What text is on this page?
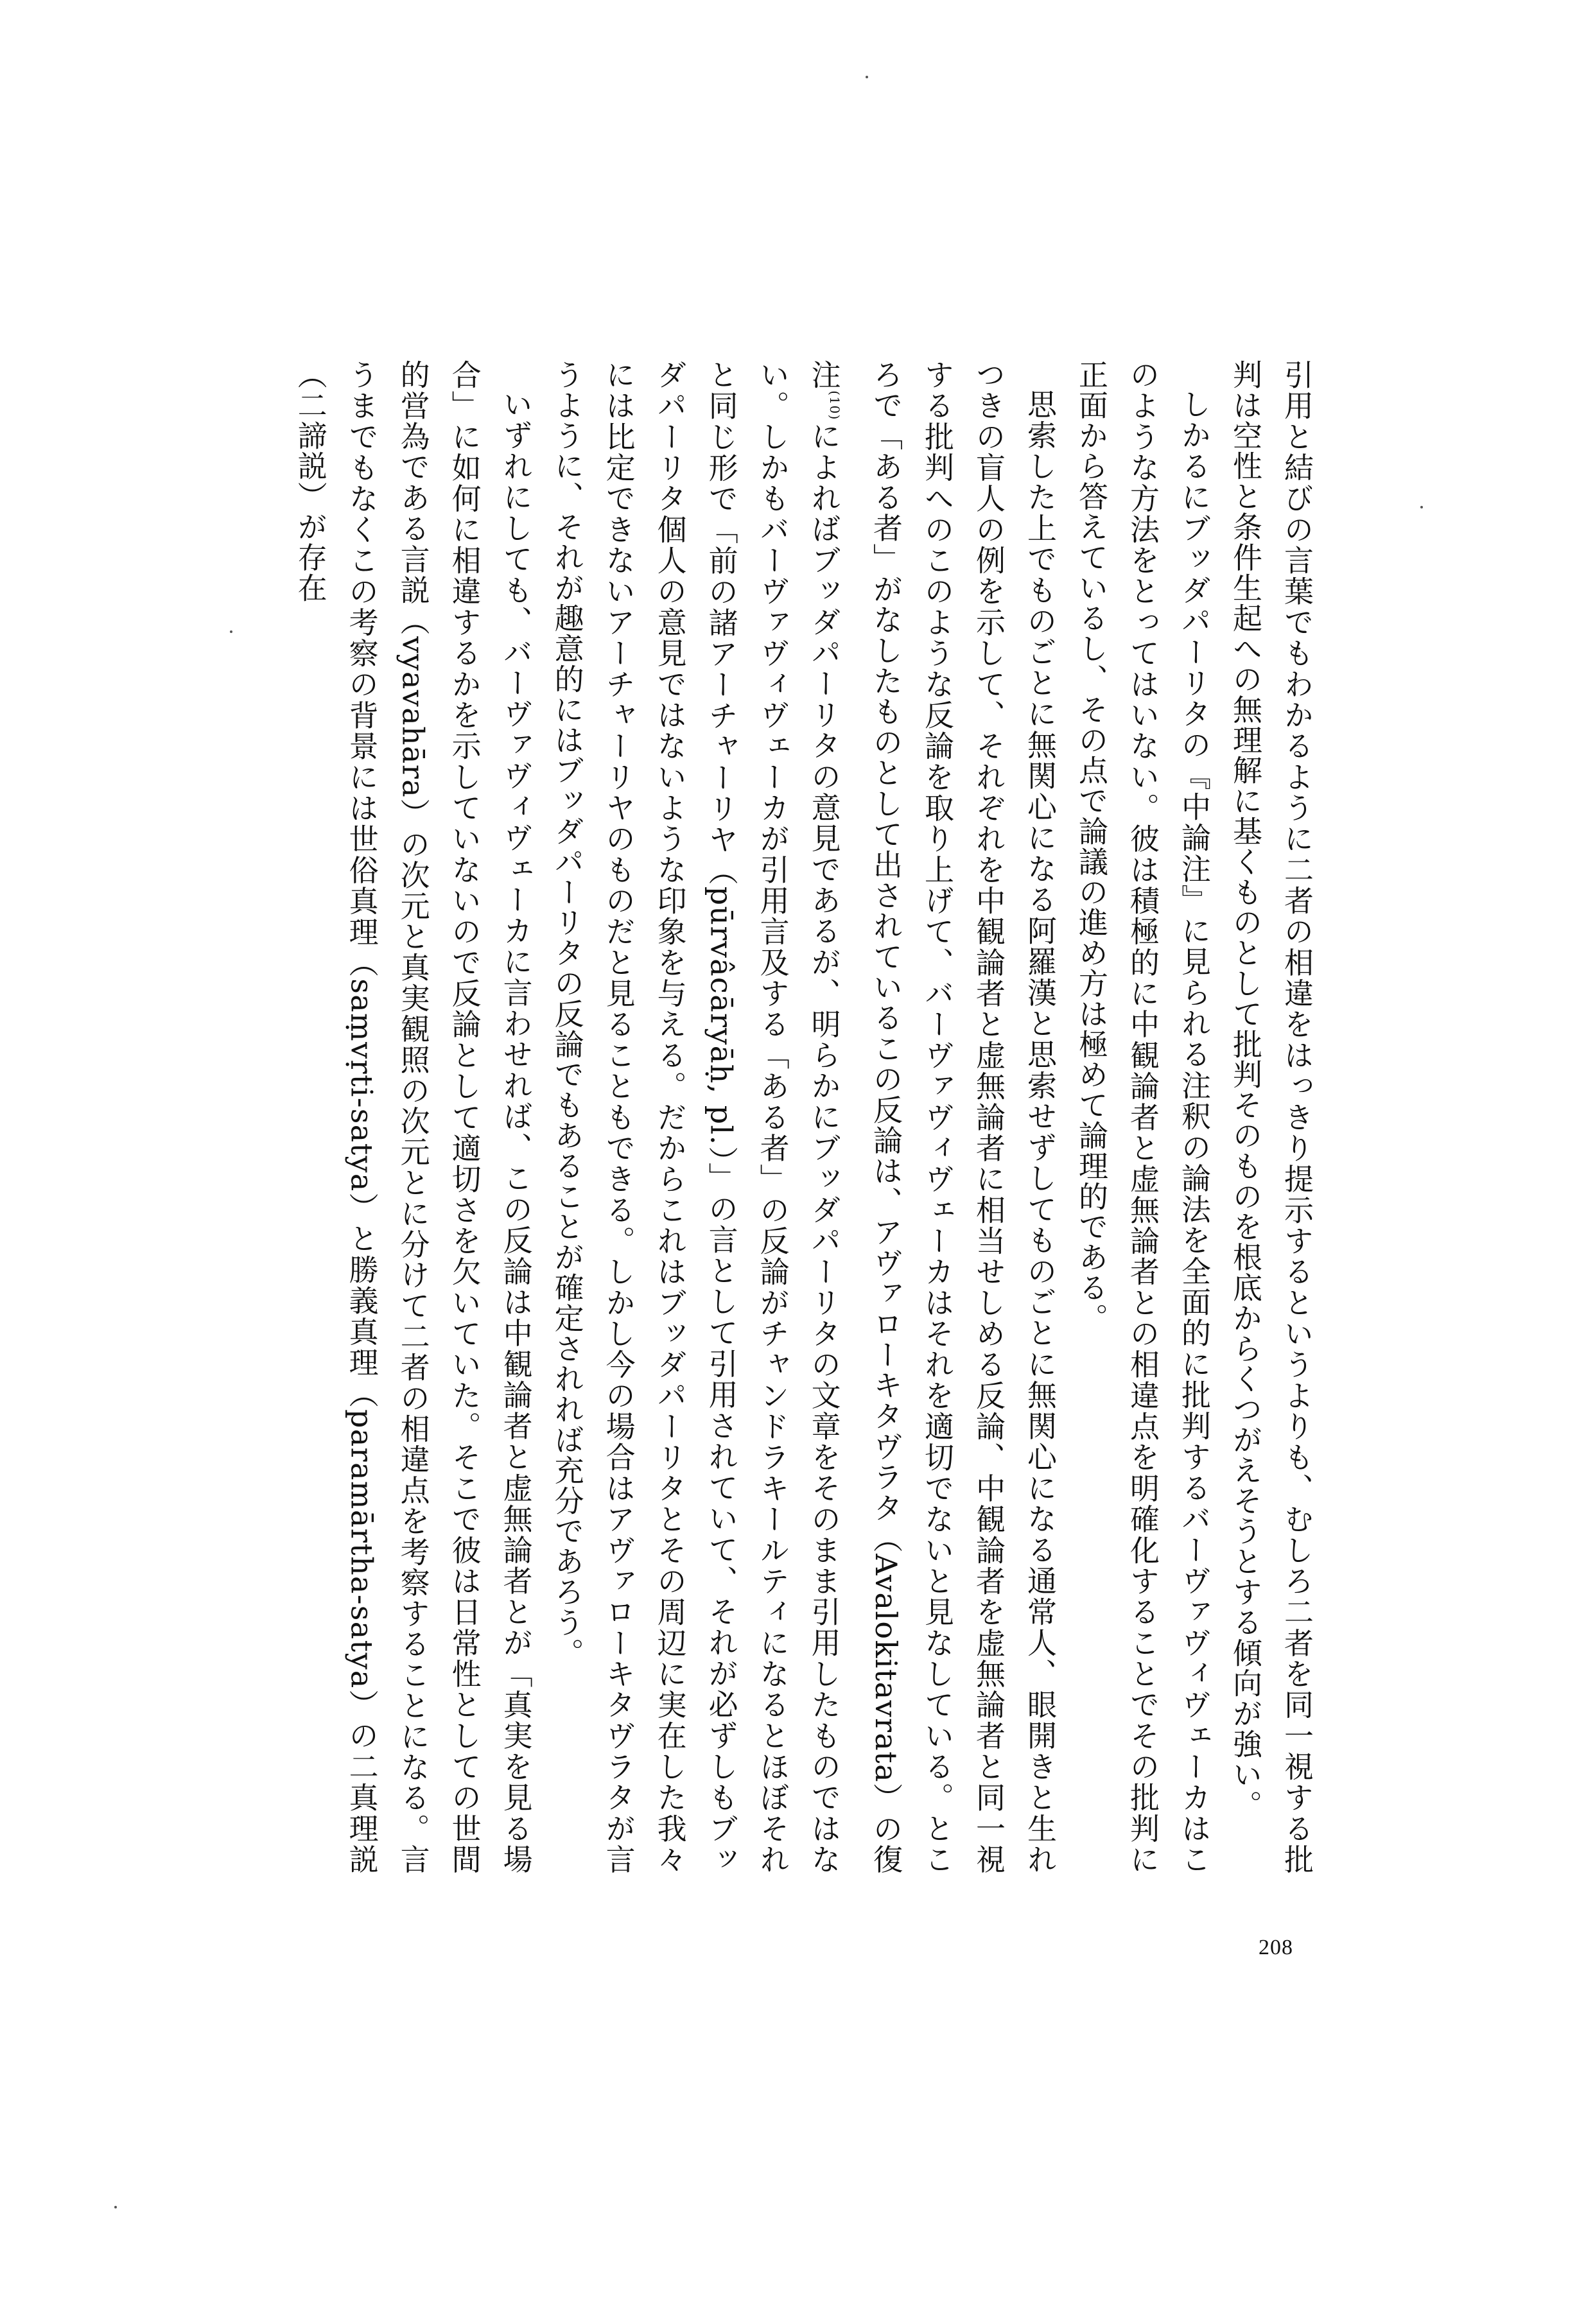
引用と結びの言葉でもわかるように二者の相違をはっきり提示するというよりも、むしろ二者を同一視する批判は空性と条件生起への無理解に基くものとして批判そのものを根底からくつがえそうとする傾向が強い。

しかるにブッダパーリタの『中論注』に見られる注釈の論法を全面的に批判するバーヴァヴィヴェーカはこのような方法をとってはいない。彼は積極的に中観論者と虚無論者との相違点を明確化することでその批判に正面から答えているし、その点で論議の進め方は極めて論理的である。

思索した上でものごとに無関心になる阿羅漢と思索せずしてものごとに無関心になる通常人、眼開きと生れつきの盲人の例を示して、それぞれを中観論者と虚無論者に相当せしめる反論、中観論者を虚無論者と同一視する批判へのこのような反論を取り上げて、バーヴァヴィヴェーカはそれを適切でないと見なしている。ところで「ある者」がなしたものとして出されているこの反論は、アヴァローキタヴラタ（Avalokitavrata）の復注$^{(10)}$によればブッダパーリタの意見であるが、明らかにブッダパーリタの文章をそのまま引用したものではない。しかもバーヴァヴィヴェーカが引用言及する「ある者」の反論がチャンドラキールティになるとほぼそれと同じ形で「前の諸アーチャーリヤ（pūrvâcāryāḥ, pl.）」の言として引用されていて、それが必ずしもブッダパーリタ個人の意見ではないような印象を与える。だからこれはブッダパーリタとその周辺に実在した我々には比定できないアーチャーリヤのものだと見ることもできる。しかし今の場合はアヴァローキタヴラタが言うように、それが趣意的にはブッダパーリタの反論でもあることが確定されれば充分であろう。

いずれにしても、バーヴァヴィヴェーカに言わせれば、この反論は中観論者と虚無論者とが「真実を見る場合」に如何に相違するかを示していないので反論として適切さを欠いていた。そこで彼は日常性としての世間的営為である言説（vyavahāra）の次元と真実観照の次元とに分けて二者の相違点を考察することになる。言うまでもなくこの考察の背景には世俗真理（saṃvṛti-satya）と勝義真理（paramārtha-satya）の二真理説（二諦説）が存在

208
